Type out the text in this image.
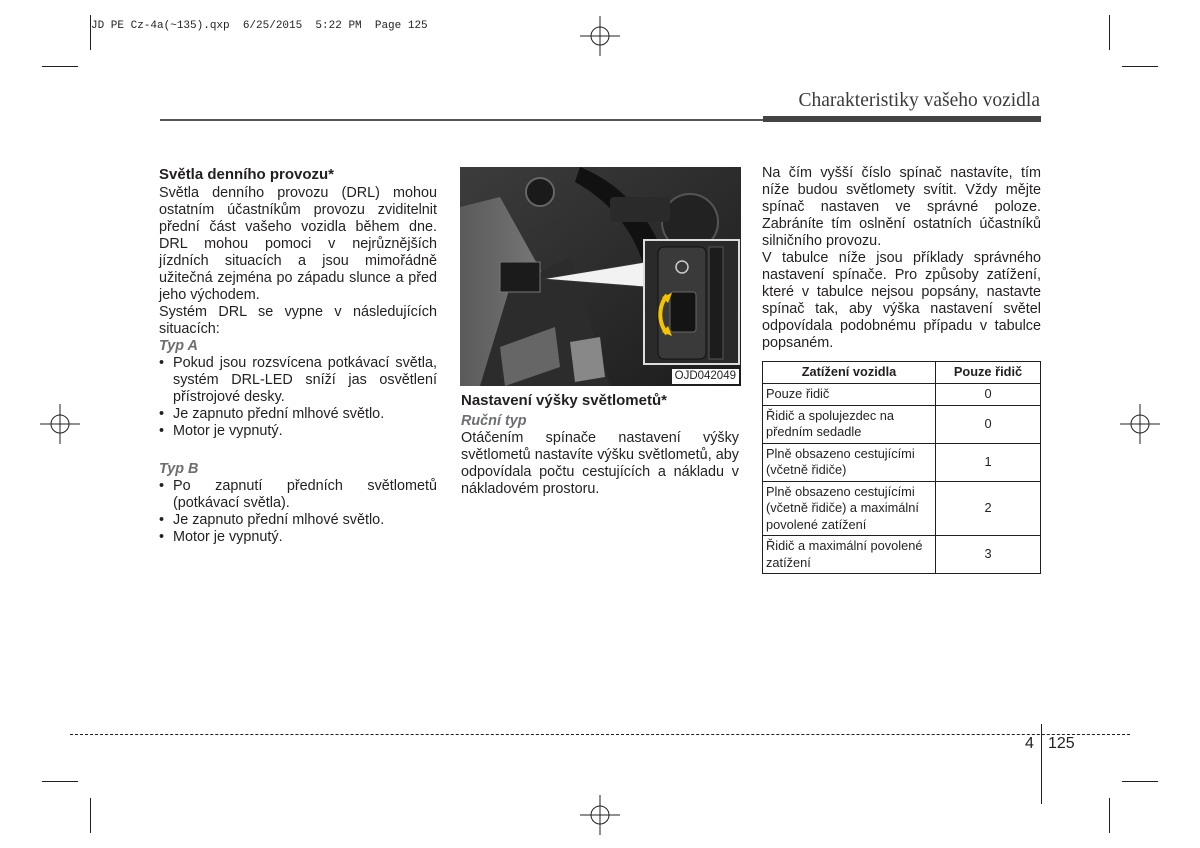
JD PE Cz-4a(~135).qxp  6/25/2015  5:22 PM  Page 125
Charakteristiky vašeho vozidla

Světla denního provozu*

Světla denního provozu (DRL) mohou ostatním účastníkům provozu zviditelnit přední část vašeho vozidla během dne. DRL mohou pomoci v nejrůznějších jízdních situacích a jsou mimořádně užitečná zejména po západu slunce a před jeho východem.

Systém DRL se vypne v následujících situacích:

Typ A

• Pokud jsou rozsvícena potkávací světla, systém DRL-LED sníží jas osvětlení přístrojové desky.
• Je zapnuto přední mlhové světlo.
• Motor je vypnutý.

Typ B

• Po zapnutí předních světlometů (potkávací světla).
• Je zapnuto přední mlhové světlo.
• Motor je vypnutý.
OJD042049

Nastavení výšky světlometů*

Ruční typ

Otáčením spínače nastavení výšky světlometů nastavíte výšku světlometů, aby odpovídala počtu cestujících a nákladu v nákladovém prostoru.

Na čím vyšší číslo spínač nastavíte, tím níže budou světlomety svítit. Vždy mějte spínač nastaven ve správné poloze. Zabráníte tím oslnění ostatních účastníků silničního provozu.

V tabulce níže jsou příklady správného nastavení spínače. Pro způsoby zatížení, které v tabulce nejsou popsány, nastavte spínač tak, aby výška nastavení světel odpovídala podobnému případu v tabulce popsaném.

Zatížení vozidla	Pouze řidič
Pouze řidič	0
Řidič a spolujezdec na předním sedadle	0
Plně obsazeno cestujícími (včetně řidiče)	1
Plně obsazeno cestujícími (včetně řidiče) a maximální povolené zatížení	2
Řidič a maximální povolené zatížení	3
4 125
